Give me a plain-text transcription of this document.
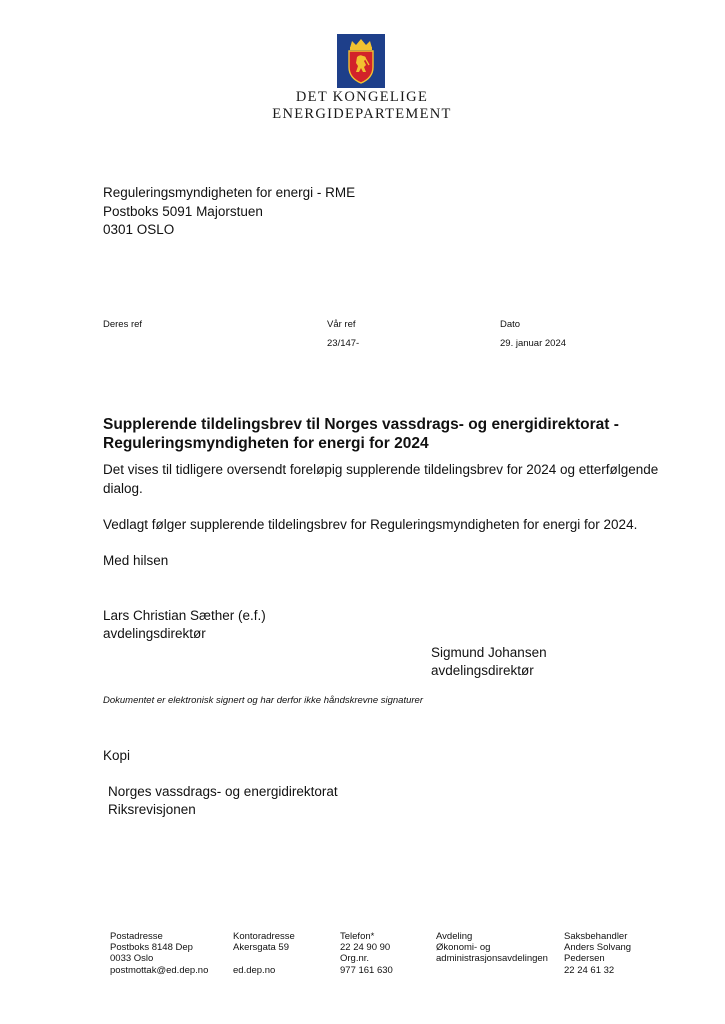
DET KONGELIGE
ENERGIDEPARTEMENT
Reguleringsmyndigheten for energi - RME
Postboks 5091 Majorstuen
0301 OSLO
Deres ref	Vår ref
23/147-
Dato
29. januar 2024
Supplerende tildelingsbrev til Norges vassdrags- og energidirektorat - Reguleringsmyndigheten for energi for 2024
Det vises til tidligere oversendt foreløpig supplerende tildelingsbrev for 2024 og etterfølgende dialog.
Vedlagt følger supplerende tildelingsbrev for Reguleringsmyndigheten for energi for 2024.
Med hilsen
Lars Christian Sæther (e.f.)
avdelingsdirektør
Sigmund Johansen
avdelingsdirektør
Dokumentet er elektronisk signert og har derfor ikke håndskrevne signaturer
Kopi
Norges vassdrags- og energidirektorat
Riksrevisjonen
Postadresse
Postboks 8148 Dep
0033 Oslo
postmottak@ed.dep.no
Kontoradresse
Akersgata 59

ed.dep.no
Telefon*
22 24 90 90
Org.nr.
977 161 630
Avdeling
Økonomi- og
administrasjonsavdelingen
Saksbehandler
Anders Solvang
Pedersen
22 24 61 32
